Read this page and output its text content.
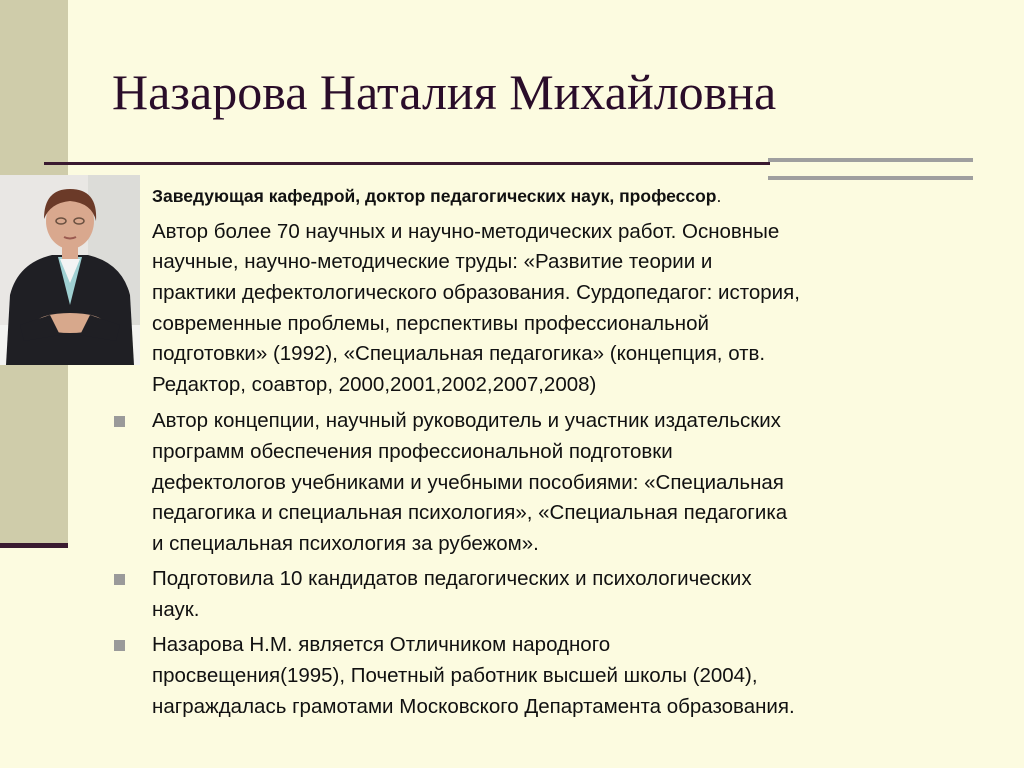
Назарова Наталия Михайловна

Заведующая кафедрой, доктор педагогических наук, профессор.

Автор более 70 научных и научно-методических работ. Основные
научные, научно-методические труды: «Развитие теории и
практики дефектологического образования. Сурдопедагог: история,
современные проблемы, перспективы профессиональной
подготовки» (1992), «Специальная педагогика» (концепция, отв.
Редактор, соавтор, 2000,2001,2002,2007,2008)

Автор концепции, научный руководитель и участник издательских
программ обеспечения профессиональной подготовки
дефектологов учебниками и учебными пособиями: «Специальная
педагогика и специальная психология», «Специальная педагогика
и специальная психология за рубежом».
Подготовила 10 кандидатов педагогических и психологических
наук.
Назарова Н.М. является Отличником народного
просвещения(1995), Почетный работник высшей школы (2004),
награждалась грамотами Московского Департамента образования.
